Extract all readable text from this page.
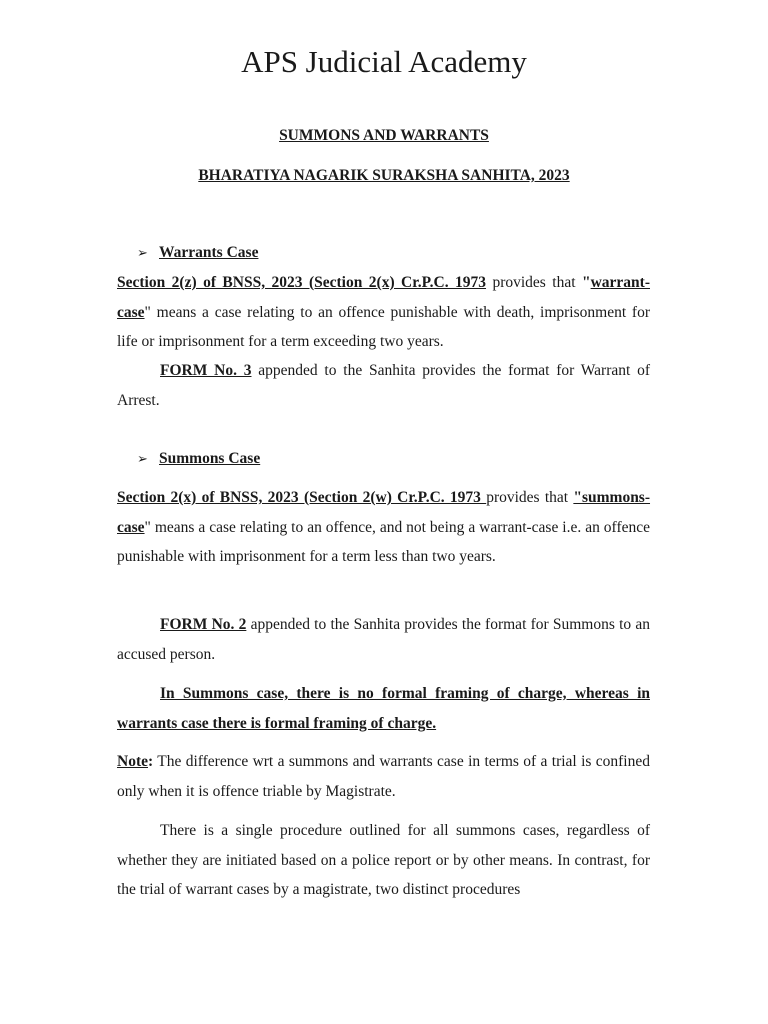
APS Judicial Academy
SUMMONS AND WARRANTS
BHARATIYA NAGARIK SURAKSHA SANHITA, 2023
➢ Warrants Case

Section 2(z) of BNSS, 2023 (Section 2(x) Cr.P.C. 1973 provides that "warrant-case" means a case relating to an offence punishable with death, imprisonment for life or imprisonment for a term exceeding two years.

FORM No. 3 appended to the Sanhita provides the format for Warrant of Arrest.

➢ Summons Case

Section 2(x) of BNSS, 2023 (Section 2(w) Cr.P.C. 1973 provides that "summons-case" means a case relating to an offence, and not being a warrant-case i.e. an offence punishable with imprisonment for a term less than two years.

FORM No. 2 appended to the Sanhita provides the format for Summons to an accused person.

In Summons case, there is no formal framing of charge, whereas in warrants case there is formal framing of charge.

Note: The difference wrt a summons and warrants case in terms of a trial is confined only when it is offence triable by Magistrate.

There is a single procedure outlined for all summons cases, regardless of whether they are initiated based on a police report or by other means. In contrast, for the trial of warrant cases by a magistrate, two distinct procedures
